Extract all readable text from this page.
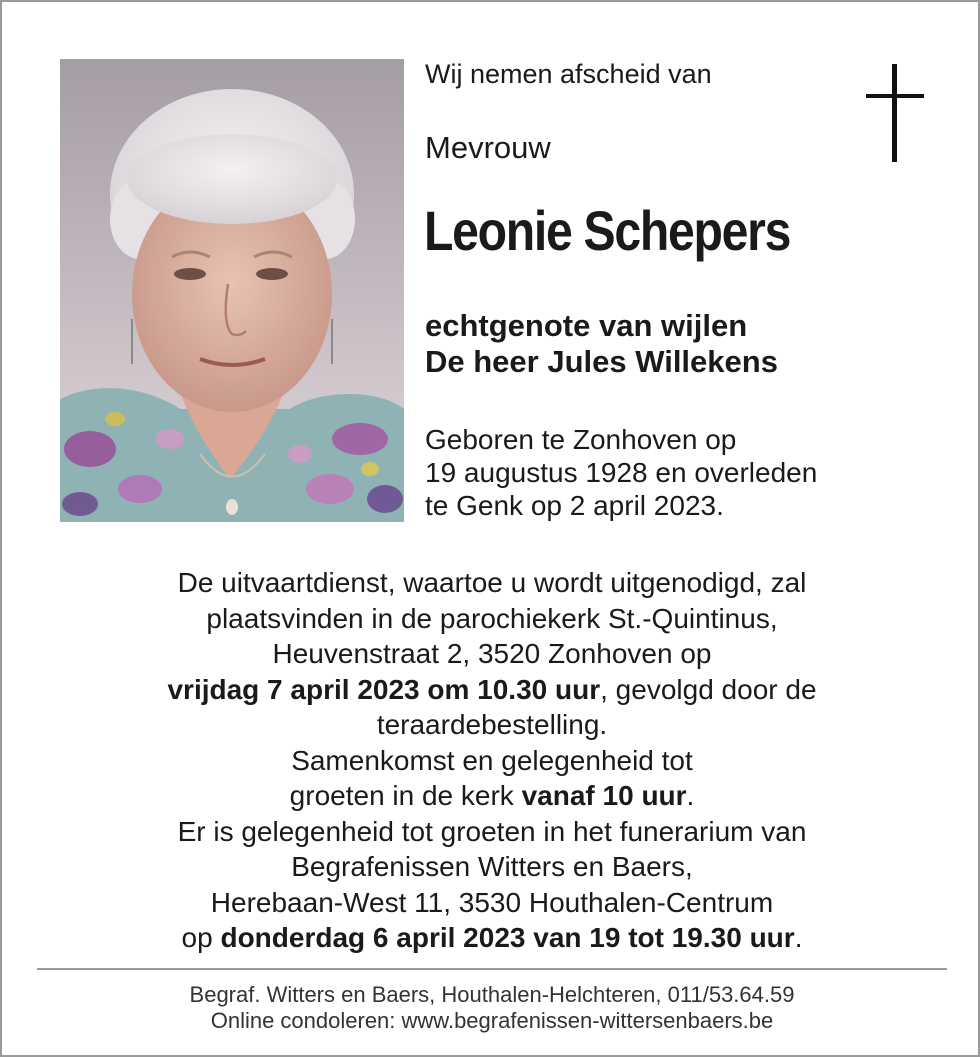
Wij nemen afscheid van
Mevrouw
Leonie Schepers
echtgenote van wijlen
De heer Jules Willekens
Geboren te Zonhoven op
19 augustus 1928 en overleden
te Genk op 2 april 2023.
De uitvaartdienst, waartoe u wordt uitgenodigd, zal
plaatsvinden in de parochiekerk St.-Quintinus,
Heuvenstraat 2, 3520 Zonhoven op
vrijdag 7 april 2023 om 10.30 uur, gevolgd door de
teraardebestelling.
Samenkomst en gelegenheid tot
groeten in de kerk vanaf 10 uur.
Er is gelegenheid tot groeten in het funerarium van
Begrafenissen Witters en Baers,
Herebaan-West 11, 3530 Houthalen-Centrum
op donderdag 6 april 2023 van 19 tot 19.30 uur.
Begraf. Witters en Baers, Houthalen-Helchteren, 011/53.64.59
Online condoleren: www.begrafenissen-wittersenbaers.be
